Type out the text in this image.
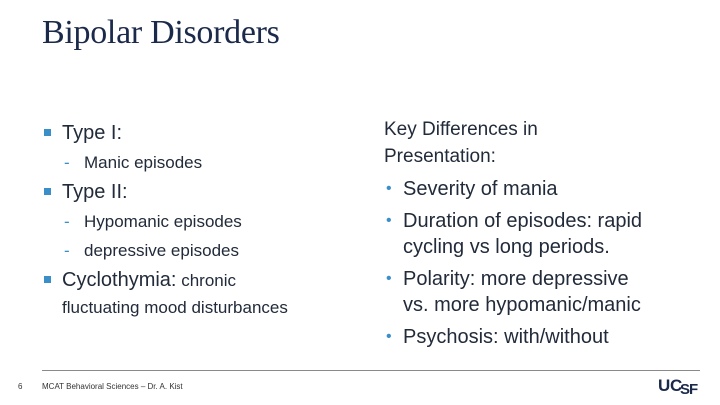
Bipolar Disorders
Type I:
- Manic episodes
Type II:
- Hypomanic episodes
- depressive episodes
Cyclothymia: chronic
fluctuating mood disturbances
Key Differences in
Presentation:
• Severity of mania
• Duration of episodes: rapid
cycling vs long periods.
• Polarity: more depressive
vs. more hypomanic/manic
• Psychosis: with/without
6 MCAT Behavioral Sciences – Dr. A. Kist	U C
S
F
